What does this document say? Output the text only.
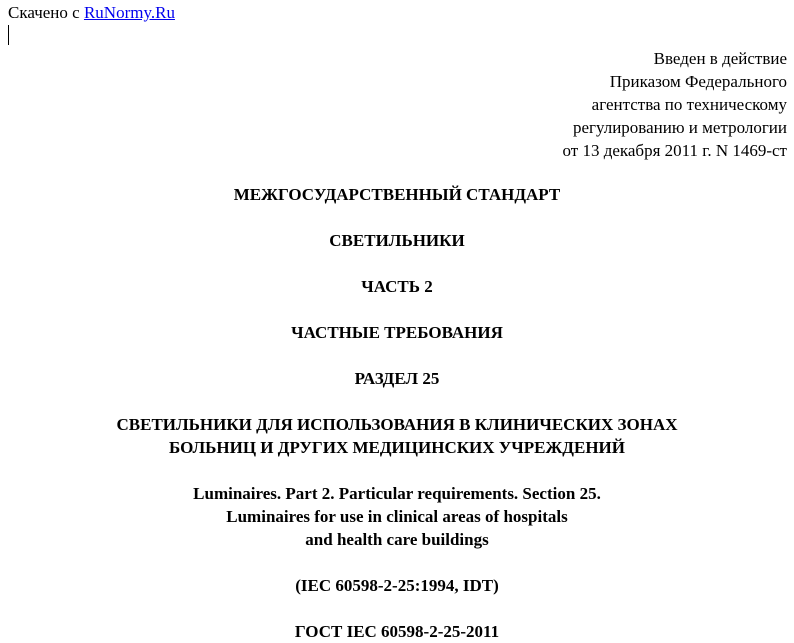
Скачено с RuNormy.Ru
Введен в действие
Приказом Федерального
агентства по техническому
регулированию и метрологии
от 13 декабря 2011 г. N 1469-ст
МЕЖГОСУДАРСТВЕННЫЙ СТАНДАРТ
СВЕТИЛЬНИКИ
ЧАСТЬ 2
ЧАСТНЫЕ ТРЕБОВАНИЯ
РАЗДЕЛ 25
СВЕТИЛЬНИКИ ДЛЯ ИСПОЛЬЗОВАНИЯ В КЛИНИЧЕСКИХ ЗОНАХ
БОЛЬНИЦ И ДРУГИХ МЕДИЦИНСКИХ УЧРЕЖДЕНИЙ
Luminaires. Part 2. Particular requirements. Section 25.
Luminaires for use in clinical areas of hospitals
and health care buildings
(IEC 60598-2-25:1994, IDT)
ГОСТ IEC 60598-2-25-2011
